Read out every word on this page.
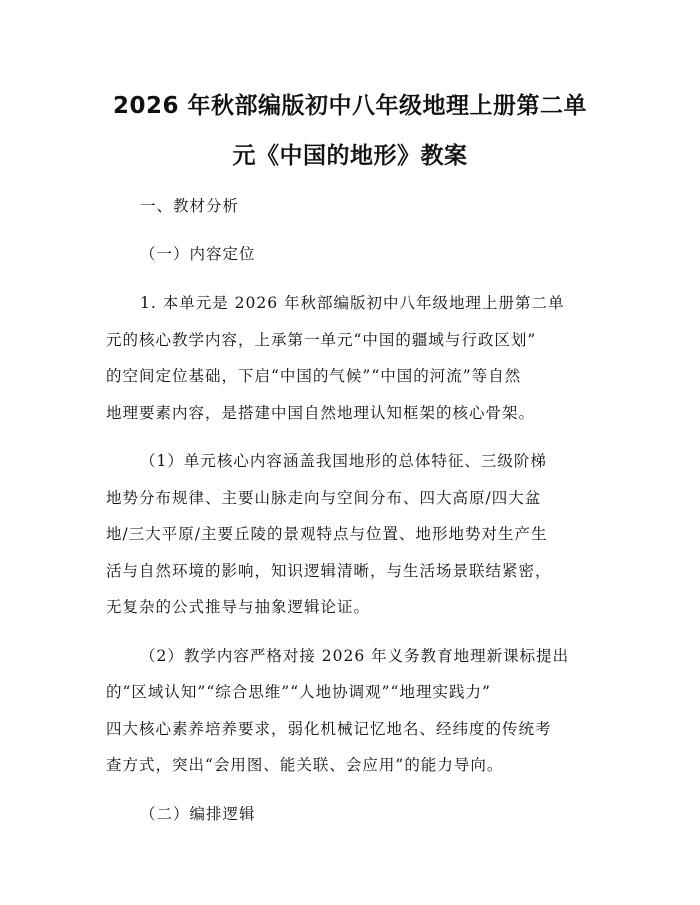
2026 年秋部编版初中八年级地理上册第二单
元《中国的地形》教案
一、教材分析
（一）内容定位
1. 本单元是 2026 年秋部编版初中八年级地理上册第二单
元的核心教学内容，上承第一单元“中国的疆域与行政区划”
的空间定位基础，下启“中国的气候”“中国的河流”等自然
地理要素内容，是搭建中国自然地理认知框架的核心骨架。
（1）单元核心内容涵盖我国地形的总体特征、三级阶梯
地势分布规律、主要山脉走向与空间分布、四大高原/四大盆
地/三大平原/主要丘陵的景观特点与位置、地形地势对生产生
活与自然环境的影响，知识逻辑清晰，与生活场景联结紧密，
无复杂的公式推导与抽象逻辑论证。
（2）教学内容严格对接 2026 年义务教育地理新课标提出
的“区域认知”“综合思维”“人地协调观”“地理实践力”
四大核心素养培养要求，弱化机械记忆地名、经纬度的传统考
查方式，突出“会用图、能关联、会应用”的能力导向。
（二）编排逻辑
